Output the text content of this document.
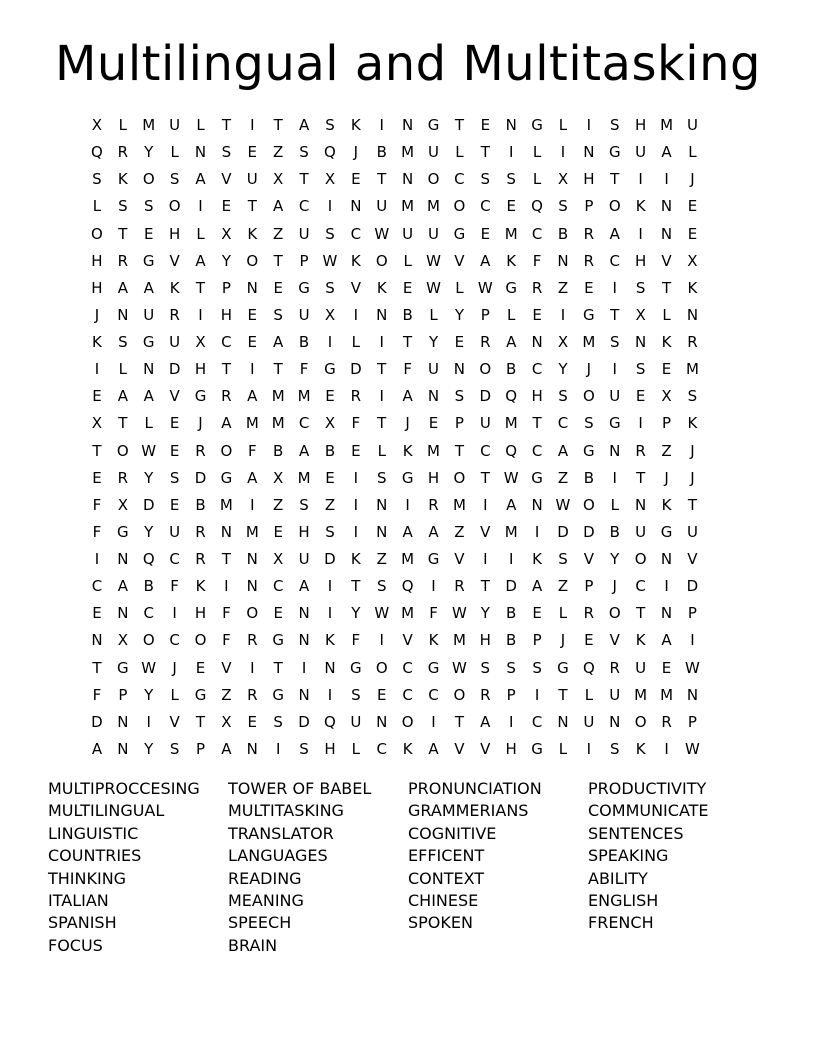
Multilingual and Multitasking
X	L	M U	L	T	I	T	A	S	K	I	N G	T	E	N G	L	I	S	H M U
Q R	Y	L	N	S	E	Z	S	Q	J	B M U	L	T	I	L	I	N G U	A	L
S	K	O	S	A	V	U	X	T	X	E	T	N O C	S	S	L	X	H	T	I	I	J
L	S	S	O	I	E	T	A	C	I	N U M M O C	E	Q	S	P	O	K	N	E
O	T	E	H	L	X	K	Z	U	S	C W U U G	E M C	B	R	A	I	N	E
H	R G V	A	Y	O	T	P W K	O	L W V	A	K	F	N	R	C	H	V	X
H	A	A	K	T	P	N	E	G	S	V	K	E W L W G R	Z	E	I	S	T	K
J	N U	R	I	H	E	S	U	X	I	N	B	L	Y	P	L	E	I	G	T	X	L	N
K	S	G U	X	C	E	A	B	I	L	I	T	Y	E	R	A	N	X M S	N	K	R
I	L	N D H	T	I	T	F	G D	T	F	U N O B	C	Y	J	I	S	E M
E	A	A	V G R	A M M E	R	I	A	N	S	D Q H	S	O U	E	X	S
X	T	L	E	J	A M M C	X	F	T	J	E	P	U M T	C	S	G	I	P	K
T	O W E	R O	F	B	A	B	E	L	K M T	C Q C	A G N	R	Z	J
E	R	Y	S	D G A	X M E	I	S	G H O	T W G Z	B	I	T	J	J
F	X D	E	B M	I	Z	S	Z	I	N	I	R M	I	A	N W O	L	N	K	T
F	G	Y	U	R	N M E	H	S	I	N	A	A	Z	V M	I	D D B	U G U
I	N Q C	R	T	N	X	U D	K	Z M G V	I	I	K	S	V	Y	O N	V
C	A	B	F	K	I	N	C	A	I	T	S	Q	I	R	T	D A	Z	P	J	C	I	D
E	N	C	I	H	F	O	E	N	I	Y W M	F W Y	B	E	L	R O	T	N	P
N	X O C O	F	R G N	K	F	I	V	K M H	B	P	J	E	V	K	A	I
T	G W	J	E	V	I	T	I	N G O C G W S	S	S	G Q R	U	E W
F	P	Y	L	G Z	R G N	I	S	E	C	C O R	P	I	T	L	U M M N
D N	I	V	T	X	E	S	D Q U N O	I	T	A	I	C	N U N O R	P
A	N	Y	S	P	A	N	I	S	H	L	C	K	A	V	V	H G	L	I	S	K	I	W
MULTIPROCCESING
MULTILINGUAL
LINGUISTIC
COUNTRIES
THINKING
ITALIAN
SPANISH
FOCUS
TOWER OF BABEL
MULTITASKING
TRANSLATOR
LANGUAGES
READING
MEANING
SPEECH
BRAIN
PRONUNCIATION
GRAMMERIANS
COGNITIVE
EFFICENT
CONTEXT
CHINESE
SPOKEN
PRODUCTIVITY
COMMUNICATE
SENTENCES
SPEAKING
ABILITY
ENGLISH
FRENCH
